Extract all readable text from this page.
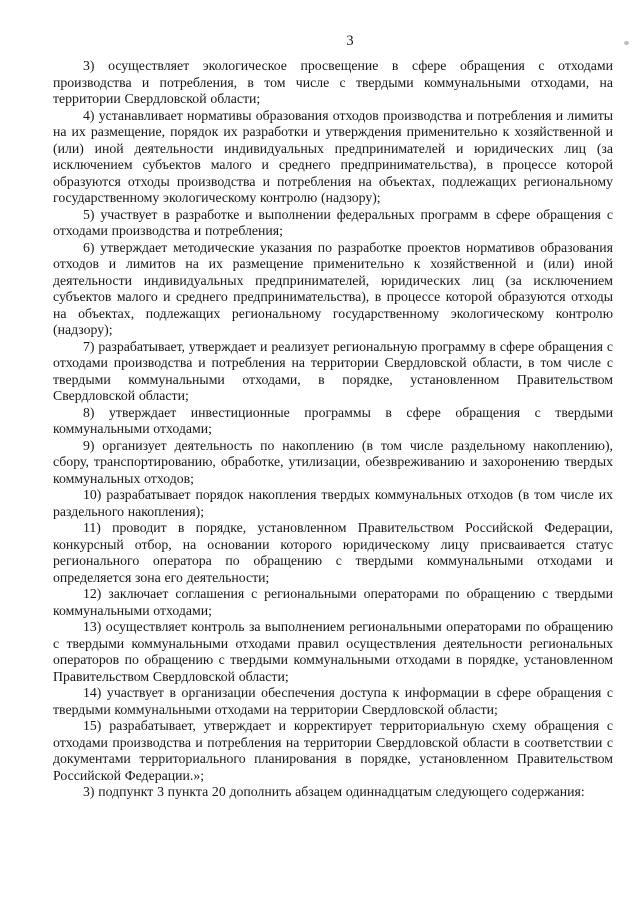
3

3) осуществляет экологическое просвещение в сфере обращения с отходами производства и потребления, в том числе с твердыми коммунальными отходами, на территории Свердловской области;

4) устанавливает нормативы образования отходов производства и потребления и лимиты на их размещение, порядок их разработки и утверждения применительно к хозяйственной и (или) иной деятельности индивидуальных предпринимателей и юридических лиц (за исключением субъектов малого и среднего предпринимательства), в процессе которой образуются отходы производства и потребления на объектах, подлежащих региональному государственному экологическому контролю (надзору);

5) участвует в разработке и выполнении федеральных программ в сфере обращения с отходами производства и потребления;

6) утверждает методические указания по разработке проектов нормативов образования отходов и лимитов на их размещение применительно к хозяйственной и (или) иной деятельности индивидуальных предпринимателей, юридических лиц (за исключением субъектов малого и среднего предпринимательства), в процессе которой образуются отходы на объектах, подлежащих региональному государственному экологическому контролю (надзору);

7) разрабатывает, утверждает и реализует региональную программу в сфере обращения с отходами производства и потребления на территории Свердловской области, в том числе с твердыми коммунальными отходами, в порядке, установленном Правительством Свердловской области;

8) утверждает инвестиционные программы в сфере обращения с твердыми коммунальными отходами;

9) организует деятельность по накоплению (в том числе раздельному накоплению), сбору, транспортированию, обработке, утилизации, обезвреживанию и захоронению твердых коммунальных отходов;

10) разрабатывает порядок накопления твердых коммунальных отходов (в том числе их раздельного накопления);

11) проводит в порядке, установленном Правительством Российской Федерации, конкурсный отбор, на основании которого юридическому лицу присваивается статус регионального оператора по обращению с твердыми коммунальными отходами и определяется зона его деятельности;

12) заключает соглашения с региональными операторами по обращению с твердыми коммунальными отходами;

13) осуществляет контроль за выполнением региональными операторами по обращению с твердыми коммунальными отходами правил осуществления деятельности региональных операторов по обращению с твердыми коммунальными отходами в порядке, установленном Правительством Свердловской области;

14) участвует в организации обеспечения доступа к информации в сфере обращения с твердыми коммунальными отходами на территории Свердловской области;

15) разрабатывает, утверждает и корректирует территориальную схему обращения с отходами производства и потребления на территории Свердловской области в соответствии с документами территориального планирования в порядке, установленном Правительством Российской Федерации.»;

3) подпункт 3 пункта 20 дополнить абзацем одиннадцатым следующего содержания:
